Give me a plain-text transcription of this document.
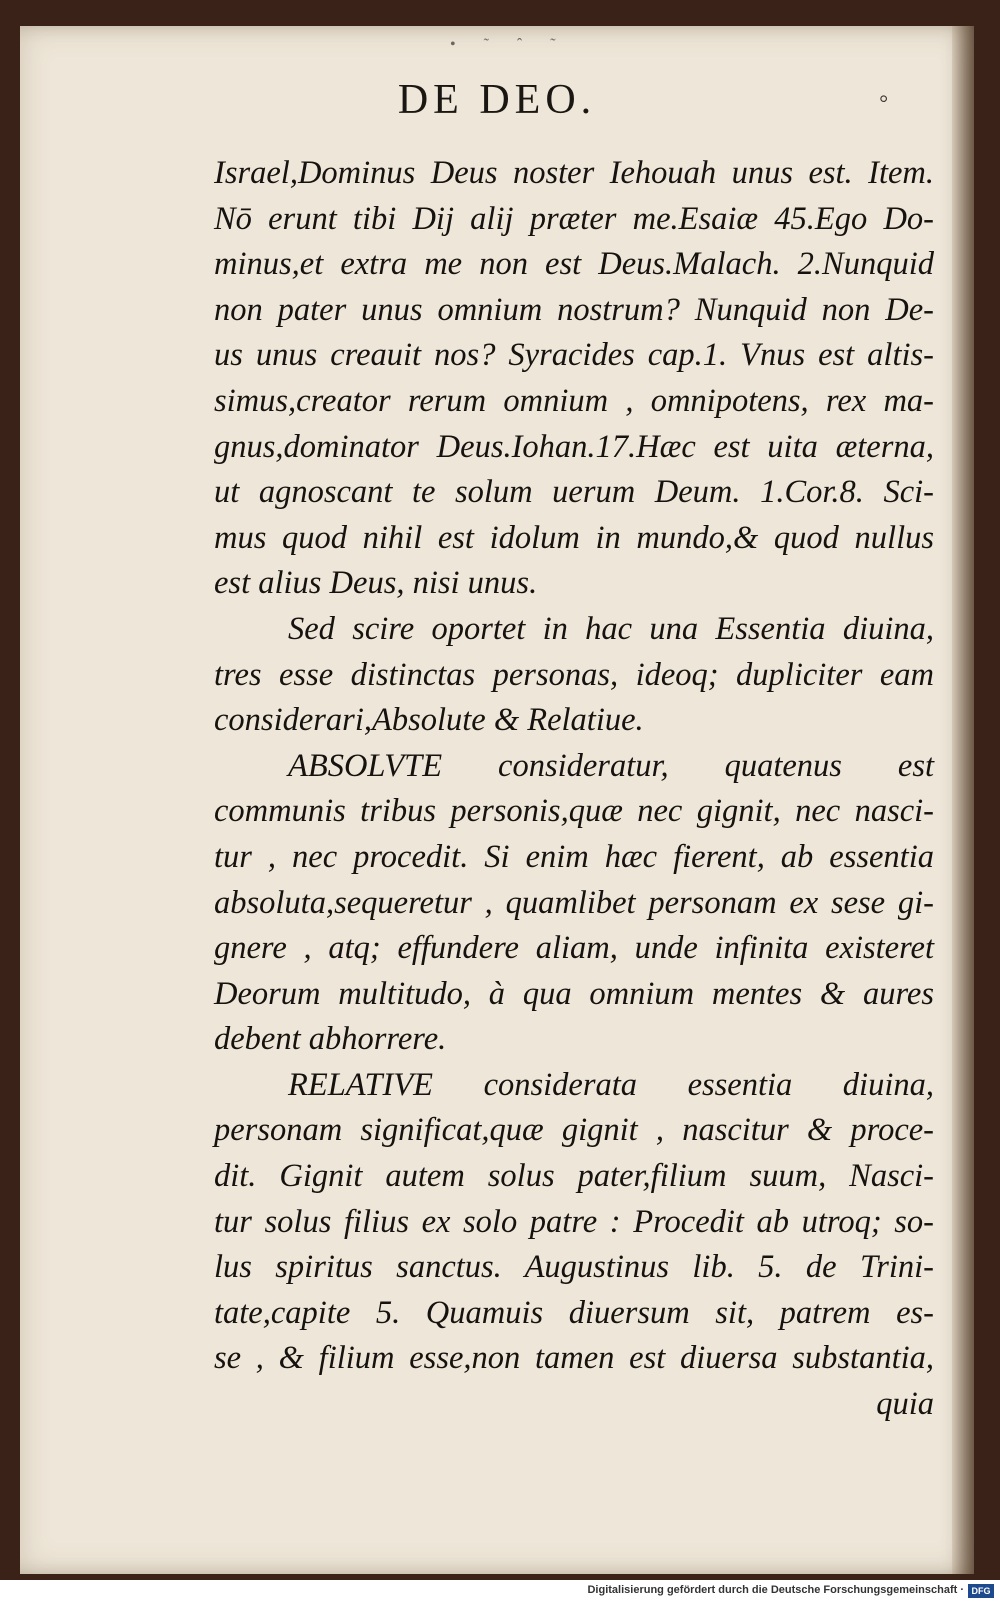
• ˜ ˆ ˜
DE DEO.	°
Israel,Dominus Deus noster Iehouah unus est. Item.
Nō erunt tibi Dij alij præter me.Esaiæ 45.Ego Do-
minus,et extra me non est Deus.Malach. 2.Nunquid
non pater unus omnium nostrum? Nunquid non De-
us unus creauit nos? Syracides cap.1. Vnus est altis-
simus,creator rerum omnium , omnipotens, rex ma-
gnus,dominator Deus.Iohan.17.Hæc est uita æterna,
ut agnoscant te solum uerum Deum. 1.Cor.8. Sci-
mus quod nihil est idolum in mundo,& quod nullus
est alius Deus, nisi unus.
Sed scire oportet in hac una Essentia diuina,
tres esse distinctas personas, ideoq; dupliciter eam
considerari,Absolute & Relatiue.
ABSOLVTE consideratur, quatenus est
communis tribus personis,quæ nec gignit, nec nasci-
tur , nec procedit. Si enim hæc fierent, ab essentia
absoluta,sequeretur , quamlibet personam ex sese gi-
gnere , atq; effundere aliam, unde infinita existeret
Deorum multitudo, à qua omnium mentes & aures
debent abhorrere.
RELATIVE considerata essentia diuina,
personam significat,quæ gignit , nascitur & proce-
dit. Gignit autem solus pater,filium suum, Nasci-
tur solus filius ex solo patre : Procedit ab utroq; so-
lus spiritus sanctus. Augustinus lib. 5. de Trini-
tate,capite 5. Quamuis diuersum sit, patrem es-
se , & filium esse,non tamen est diuersa substantia,
quia
Digitalisierung gefördert durch die Deutsche Forschungsgemeinschaft · DFG
